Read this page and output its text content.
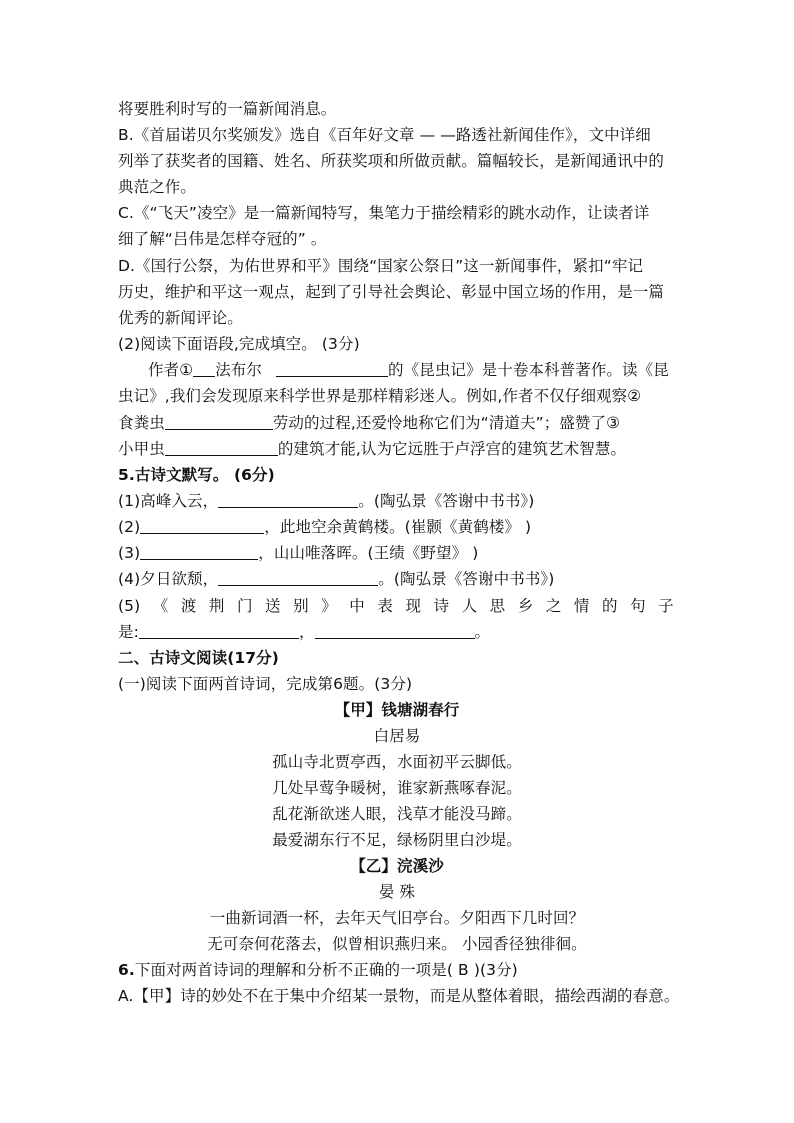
将要胜利时写的一篇新闻消息。
B.《首届诺贝尔奖颁发》选自《百年好文章 — —路透社新闻佳作》，文中详细
列举了获奖者的国籍、姓名、所获奖项和所做贡献。篇幅较长，是新闻通讯中的
典范之作。
C.《“飞天”凌空》是一篇新闻特写，集笔力于描绘精彩的跳水动作，让读者详
细了解“吕伟是怎样夺冠的” 。
D.《国行公祭，为佑世界和平》围绕“国家公祭日”这一新闻事件，紧扣“牢记
历史，维护和平这一观点，起到了引导社会舆论、彰显中国立场的作用，是一篇
优秀的新闻评论。
(2)阅读下面语段,完成填空。 (3分)
作者① 法布尔	的《昆虫记》是十卷本科普著作。读《昆
虫记》,我们会发现原来科学世界是那样精彩迷人。例如,作者不仅仔细观察②
食粪虫	劳动的过程,还爱怜地称它们为“清道夫”；盛赞了③
小甲虫	的建筑才能,认为它远胜于卢浮宫的建筑艺术智慧。
5.古诗文默写。 (6分)
(1)高峰入云，	。(陶弘景《答谢中书书》)
(2)	，此地空余黄鹤楼。(崔颢《黄鹤楼》 )
(3)	，山山唯落晖。(王绩《野望》 )
(4)夕日欲颓，	。(陶弘景《答谢中书书》)
(5) 《 渡 荆 门 送 别 》 中 表 现 诗 人 思 乡 之 情 的 句 子
是:	，	。
二、古诗文阅读(17分)
(一)阅读下面两首诗词，完成第6题。(3分)
【甲】钱塘湖春行
白居易
孤山寺北贾亭西，水面初平云脚低。
几处早莺争暖树，谁家新燕啄春泥。
乱花渐欲迷人眼，浅草才能没马蹄。
最爱湖东行不足，绿杨阴里白沙堤。
【乙】浣溪沙
晏 殊
一曲新词酒一杯，去年天气旧亭台。夕阳西下几时回？
无可奈何花落去，似曾相识燕归来。 小园香径独徘徊。
6.下面对两首诗词的理解和分析不正确的一项是( B )(3分)
A.【甲】诗的妙处不在于集中介绍某一景物，而是从整体着眼，描绘西湖的春意。
